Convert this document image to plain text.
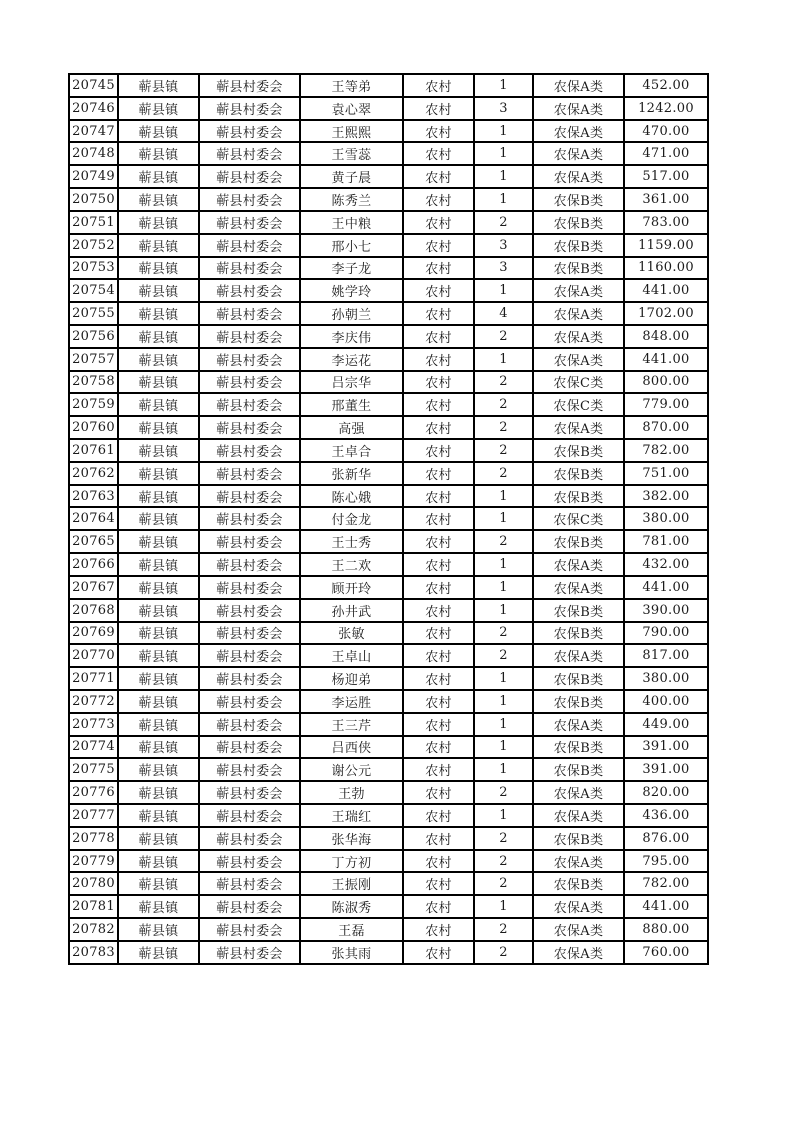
20745	蕲县镇	蕲县村委会	王等弟	农村	1	农保A类	452.00
20746	蕲县镇	蕲县村委会	袁心翠	农村	3	农保A类	1242.00
20747	蕲县镇	蕲县村委会	王熙熙	农村	1	农保A类	470.00
20748	蕲县镇	蕲县村委会	王雪蕊	农村	1	农保A类	471.00
20749	蕲县镇	蕲县村委会	黄子晨	农村	1	农保A类	517.00
20750	蕲县镇	蕲县村委会	陈秀兰	农村	1	农保B类	361.00
20751	蕲县镇	蕲县村委会	王中粮	农村	2	农保B类	783.00
20752	蕲县镇	蕲县村委会	邢小七	农村	3	农保B类	1159.00
20753	蕲县镇	蕲县村委会	李子龙	农村	3	农保B类	1160.00
20754	蕲县镇	蕲县村委会	姚学玲	农村	1	农保A类	441.00
20755	蕲县镇	蕲县村委会	孙朝兰	农村	4	农保A类	1702.00
20756	蕲县镇	蕲县村委会	李庆伟	农村	2	农保A类	848.00
20757	蕲县镇	蕲县村委会	李运花	农村	1	农保A类	441.00
20758	蕲县镇	蕲县村委会	吕宗华	农村	2	农保C类	800.00
20759	蕲县镇	蕲县村委会	邢董生	农村	2	农保C类	779.00
20760	蕲县镇	蕲县村委会	高强	农村	2	农保A类	870.00
20761	蕲县镇	蕲县村委会	王卓合	农村	2	农保B类	782.00
20762	蕲县镇	蕲县村委会	张新华	农村	2	农保B类	751.00
20763	蕲县镇	蕲县村委会	陈心娥	农村	1	农保B类	382.00
20764	蕲县镇	蕲县村委会	付金龙	农村	1	农保C类	380.00
20765	蕲县镇	蕲县村委会	王士秀	农村	2	农保B类	781.00
20766	蕲县镇	蕲县村委会	王二欢	农村	1	农保A类	432.00
20767	蕲县镇	蕲县村委会	顾开玲	农村	1	农保A类	441.00
20768	蕲县镇	蕲县村委会	孙井武	农村	1	农保B类	390.00
20769	蕲县镇	蕲县村委会	张敏	农村	2	农保B类	790.00
20770	蕲县镇	蕲县村委会	王卓山	农村	2	农保A类	817.00
20771	蕲县镇	蕲县村委会	杨迎弟	农村	1	农保B类	380.00
20772	蕲县镇	蕲县村委会	李运胜	农村	1	农保B类	400.00
20773	蕲县镇	蕲县村委会	王三芹	农村	1	农保A类	449.00
20774	蕲县镇	蕲县村委会	吕西侠	农村	1	农保B类	391.00
20775	蕲县镇	蕲县村委会	谢公元	农村	1	农保B类	391.00
20776	蕲县镇	蕲县村委会	王勃	农村	2	农保A类	820.00
20777	蕲县镇	蕲县村委会	王瑞红	农村	1	农保A类	436.00
20778	蕲县镇	蕲县村委会	张华海	农村	2	农保B类	876.00
20779	蕲县镇	蕲县村委会	丁方初	农村	2	农保A类	795.00
20780	蕲县镇	蕲县村委会	王振刚	农村	2	农保B类	782.00
20781	蕲县镇	蕲县村委会	陈淑秀	农村	1	农保A类	441.00
20782	蕲县镇	蕲县村委会	王磊	农村	2	农保A类	880.00
20783	蕲县镇	蕲县村委会	张其雨	农村	2	农保A类	760.00
